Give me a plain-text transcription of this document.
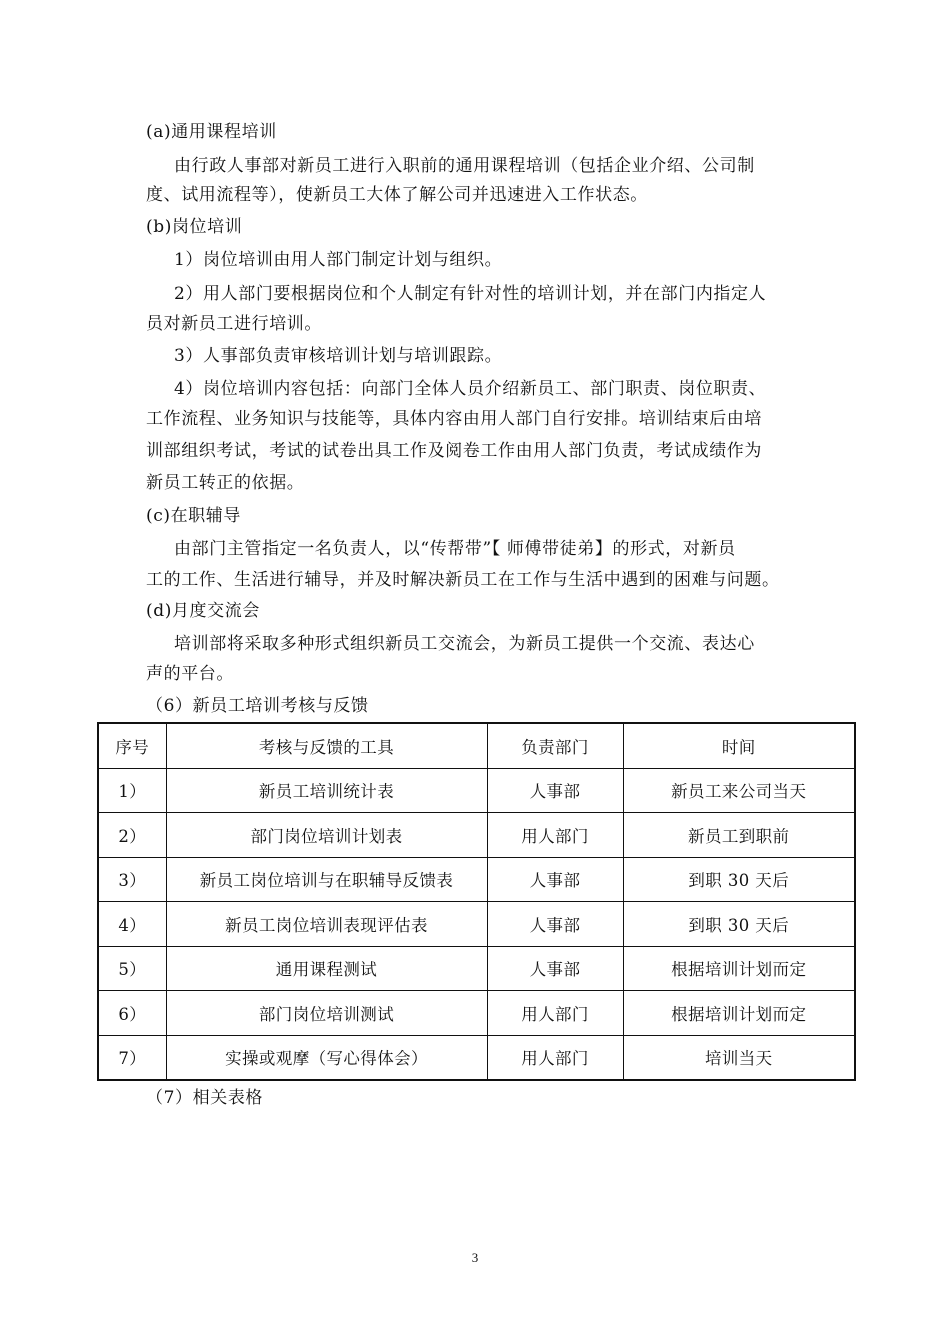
(a)通用课程培训
由行政人事部对新员工进行入职前的通用课程培训（包括企业介绍、公司制
度、试用流程等），使新员工大体了解公司并迅速进入工作状态。
(b)岗位培训
1）岗位培训由用人部门制定计划与组织。
2）用人部门要根据岗位和个人制定有针对性的培训计划，并在部门内指定人
员对新员工进行培训。
3）人事部负责审核培训计划与培训跟踪。
4）岗位培训内容包括：向部门全体人员介绍新员工、部门职责、岗位职责、
工作流程、业务知识与技能等，具体内容由用人部门自行安排。培训结束后由培
训部组织考试，考试的试卷出具工作及阅卷工作由用人部门负责，考试成绩作为
新员工转正的依据。
(c)在职辅导
由部门主管指定一名负责人，以“传帮带”【 师傅带徒弟】的形式，对新员
工的工作、生活进行辅导，并及时解决新员工在工作与生活中遇到的困难与问题。
(d)月度交流会
培训部将采取多种形式组织新员工交流会，为新员工提供一个交流、表达心
声的平台。
（6）新员工培训考核与反馈
序号	考核与反馈的工具	负责部门	时间
1）	新员工培训统计表	人事部	新员工来公司当天
2）	部门岗位培训计划表	用人部门	新员工到职前
3）	新员工岗位培训与在职辅导反馈表	人事部	到职 30 天后
4）	新员工岗位培训表现评估表	人事部	到职 30 天后
5）	通用课程测试	人事部	根据培训计划而定
6）	部门岗位培训测试	用人部门	根据培训计划而定
7）	实操或观摩（写心得体会）	用人部门	培训当天
（7）相关表格
3
